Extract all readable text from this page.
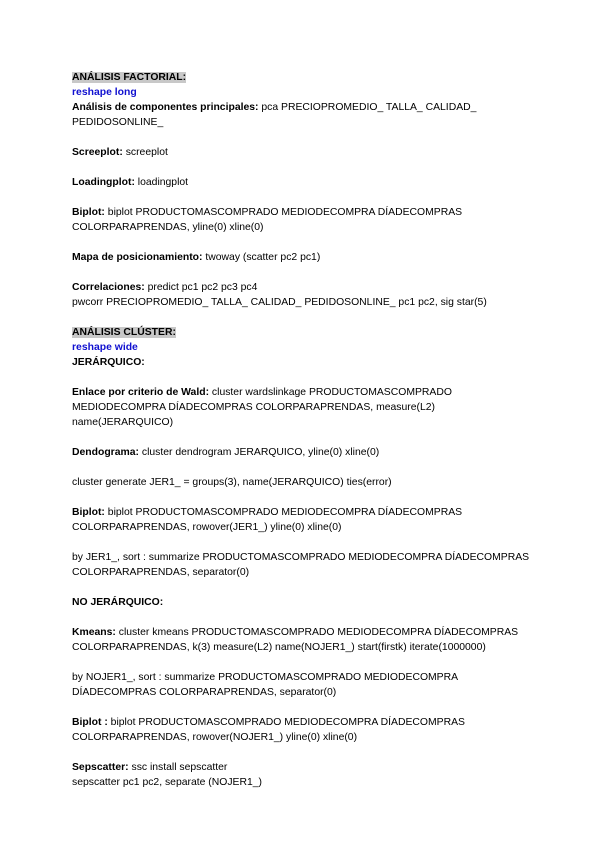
ANÁLISIS FACTORIAL:
reshape long
Análisis de componentes principales: pca PRECIOPROMEDIO_ TALLA_ CALIDAD_
PEDIDOSONLINE_
Screeplot: screeplot
Loadingplot: loadingplot
Biplot: biplot PRODUCTOMASCOMPRADO MEDIODECOMPRA DÍADECOMPRAS
COLORPARAPRENDAS, yline(0) xline(0)
Mapa de posicionamiento: twoway (scatter pc2 pc1)
Correlaciones: predict pc1 pc2 pc3 pc4
pwcorr PRECIOPROMEDIO_ TALLA_ CALIDAD_ PEDIDOSONLINE_ pc1 pc2, sig star(5)
ANÁLISIS CLÚSTER:
reshape wide
JERÁRQUICO:
Enlace por criterio de Wald: cluster wardslinkage PRODUCTOMASCOMPRADO
MEDIODECOMPRA DÍADECOMPRAS COLORPARAPRENDAS, measure(L2)
name(JERARQUICO)
Dendograma: cluster dendrogram JERARQUICO, yline(0) xline(0)
cluster generate JER1_ = groups(3), name(JERARQUICO) ties(error)
Biplot: biplot PRODUCTOMASCOMPRADO MEDIODECOMPRA DÍADECOMPRAS
COLORPARAPRENDAS, rowover(JER1_) yline(0) xline(0)
by JER1_, sort : summarize PRODUCTOMASCOMPRADO MEDIODECOMPRA DÍADECOMPRAS
COLORPARAPRENDAS, separator(0)
NO JERÁRQUICO:
Kmeans: cluster kmeans PRODUCTOMASCOMPRADO MEDIODECOMPRA DÍADECOMPRAS
COLORPARAPRENDAS, k(3) measure(L2) name(NOJER1_) start(firstk) iterate(1000000)
by NOJER1_, sort : summarize PRODUCTOMASCOMPRADO MEDIODECOMPRA
DÍADECOMPRAS COLORPARAPRENDAS, separator(0)
Biplot : biplot PRODUCTOMASCOMPRADO MEDIODECOMPRA DÍADECOMPRAS
COLORPARAPRENDAS, rowover(NOJER1_) yline(0) xline(0)
Sepscatter: ssc install sepscatter
sepscatter pc1 pc2, separate (NOJER1_)
